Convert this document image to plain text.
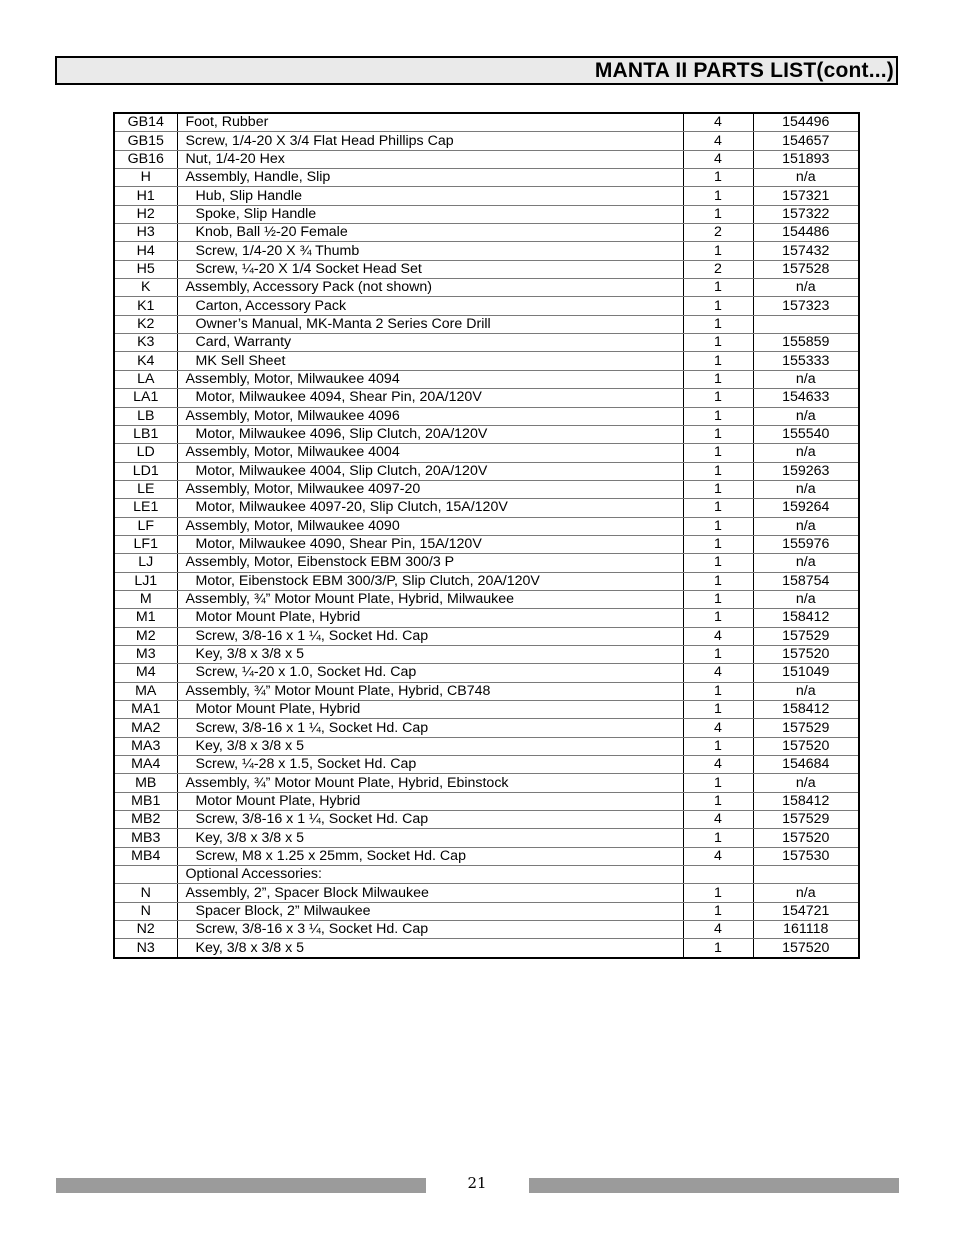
MANTA II PARTS LIST(cont...)
GB14	Foot, Rubber	4	154496
GB15	Screw, 1/4-20 X 3/4 Flat Head Phillips Cap	4	154657
GB16	Nut, 1/4-20 Hex	4	151893
H	Assembly, Handle, Slip	1	n/a
H1	Hub, Slip Handle	1	157321
H2	Spoke, Slip Handle	1	157322
H3	Knob, Ball ½-20 Female	2	154486
H4	Screw, 1/4-20 X ¾ Thumb	1	157432
H5	Screw, ¼-20 X 1/4 Socket Head Set	2	157528
K	Assembly, Accessory Pack (not shown)	1	n/a
K1	Carton, Accessory Pack	1	157323
K2	Owner’s Manual, MK-Manta 2 Series Core Drill	1	
K3	Card, Warranty	1	155859
K4	MK Sell Sheet	1	155333
LA	Assembly, Motor, Milwaukee 4094	1	n/a
LA1	Motor, Milwaukee 4094, Shear Pin, 20A/120V	1	154633
LB	Assembly, Motor, Milwaukee 4096	1	n/a
LB1	Motor, Milwaukee 4096, Slip Clutch, 20A/120V	1	155540
LD	Assembly, Motor, Milwaukee 4004	1	n/a
LD1	Motor, Milwaukee 4004, Slip Clutch, 20A/120V	1	159263
LE	Assembly, Motor, Milwaukee 4097-20	1	n/a
LE1	Motor, Milwaukee 4097-20, Slip Clutch, 15A/120V	1	159264
LF	Assembly, Motor, Milwaukee 4090	1	n/a
LF1	Motor, Milwaukee 4090, Shear Pin, 15A/120V	1	155976
LJ	Assembly, Motor, Eibenstock EBM 300/3 P	1	n/a
LJ1	Motor, Eibenstock EBM 300/3/P, Slip Clutch, 20A/120V	1	158754
M	Assembly, ¾” Motor Mount Plate, Hybrid, Milwaukee	1	n/a
M1	Motor Mount Plate, Hybrid	1	158412
M2	Screw, 3/8-16 x 1 ¼, Socket Hd. Cap	4	157529
M3	Key, 3/8 x 3/8 x 5	1	157520
M4	Screw, ¼-20 x 1.0, Socket Hd. Cap	4	151049
MA	Assembly, ¾” Motor Mount Plate, Hybrid, CB748	1	n/a
MA1	Motor Mount Plate, Hybrid	1	158412
MA2	Screw, 3/8-16 x 1 ¼, Socket Hd. Cap	4	157529
MA3	Key, 3/8 x 3/8 x 5	1	157520
MA4	Screw, ¼-28 x 1.5, Socket Hd. Cap	4	154684
MB	Assembly, ¾” Motor Mount Plate, Hybrid, Ebinstock	1	n/a
MB1	Motor Mount Plate, Hybrid	1	158412
MB2	Screw, 3/8-16 x 1 ¼, Socket Hd. Cap	4	157529
MB3	Key, 3/8 x 3/8 x 5	1	157520
MB4	Screw, M8 x 1.25 x 25mm, Socket Hd. Cap	4	157530
	Optional Accessories:		
N	Assembly, 2”, Spacer Block Milwaukee	1	n/a
N	Spacer Block, 2” Milwaukee	1	154721
N2	Screw, 3/8-16 x 3 ¼, Socket Hd. Cap	4	161118
N3	Key, 3/8 x 3/8 x 5	1	157520
21
